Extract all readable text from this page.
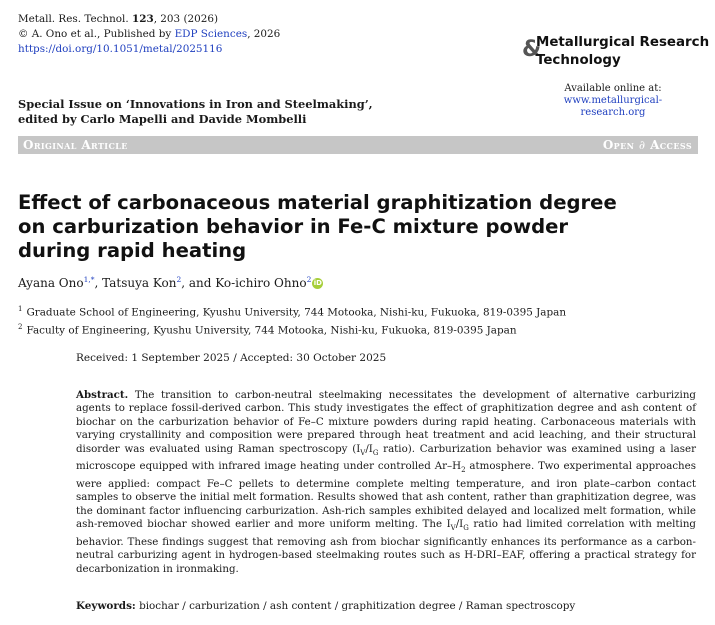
Metall. Res. Technol. 123, 203 (2026)
© A. Ono et al., Published by EDP Sciences, 2026
https://doi.org/10.1051/metal/2025116	&
Metallurgical Research
Technology
Available online at:
www.metallurgical-research.org
Special Issue on ‘Innovations in Iron and Steelmaking’,
edited by Carlo Mapelli and Davide Mombelli
Original Article	Open ∂ Access
Effect of carbonaceous material graphitization degree on carburization behavior in Fe-C mixture powder during rapid heating
Ayana Ono$^{1,*}$, Tatsuya Kon$^2$, and Ko-ichiro Ohno$^2$ iD
$^1$ Graduate School of Engineering, Kyushu University, 744 Motooka, Nishi-ku, Fukuoka, 819-0395 Japan
$^2$ Faculty of Engineering, Kyushu University, 744 Motooka, Nishi-ku, Fukuoka, 819-0395 Japan
Received: 1 September 2025 / Accepted: 30 October 2025
Abstract. The transition to carbon-neutral steelmaking necessitates the development of alternative carburizing agents to replace fossil-derived carbon. This study investigates the effect of graphitization degree and ash content of biochar on the carburization behavior of Fe–C mixture powders during rapid heating. Carbonaceous materials with varying crystallinity and composition were prepared through heat treatment and acid leaching, and their structural disorder was evaluated using Raman spectroscopy ($I_V/I_G$ ratio). Carburization behavior was examined using a laser microscope equipped with infrared image heating under controlled $Ar-H_2$ atmosphere. Two experimental approaches were applied: compact Fe–C pellets to determine complete melting temperature, and iron plate–carbon contact samples to observe the initial melt formation. Results showed that ash content, rather than graphitization degree, was the dominant factor influencing carburization. Ash-rich samples exhibited delayed and localized melt formation, while ash-removed biochar showed earlier and more uniform melting. The $I_V/I_G$ ratio had limited correlation with melting behavior. These findings suggest that removing ash from biochar significantly enhances its performance as a carbon-neutral carburizing agent in hydrogen-based steelmaking routes such as H-DRI–EAF, offering a practical strategy for decarbonization in ironmaking.
Keywords: biochar / carburization / ash content / graphitization degree / Raman spectroscopy
